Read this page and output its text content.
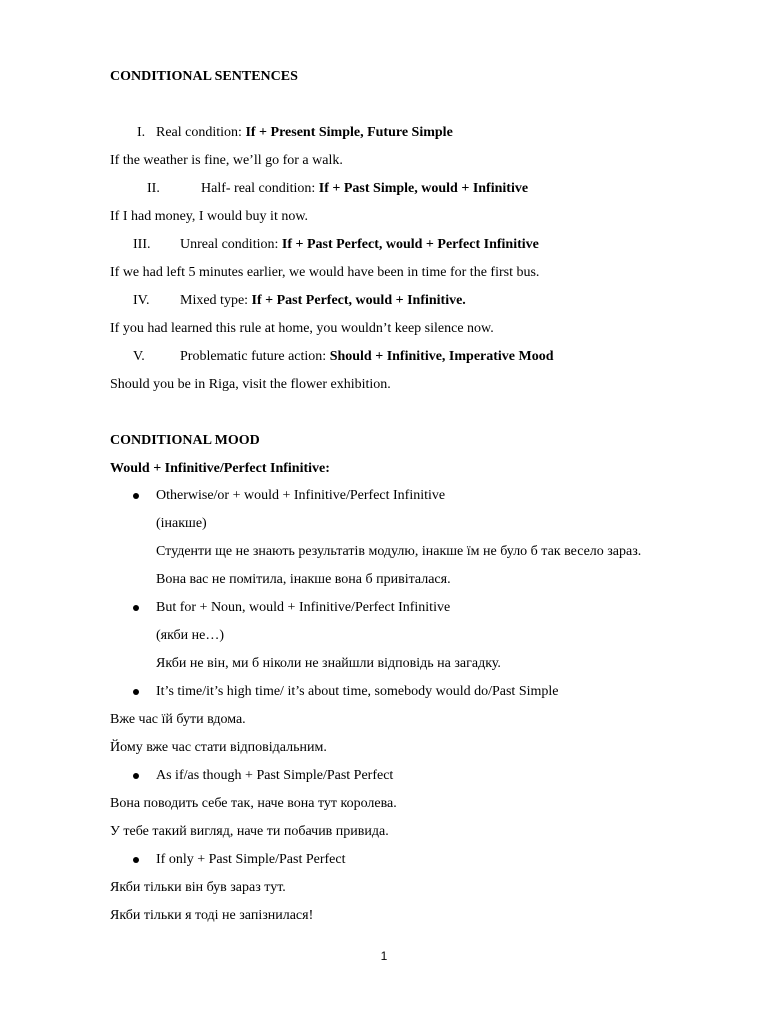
CONDITIONAL SENTENCES
I. Real condition: If + Present Simple, Future Simple
If the weather is fine, we’ll go for a walk.
II.	Half- real condition: If + Past Simple, would + Infinitive
If I had money, I would buy it now.
III. Unreal condition: If + Past Perfect, would + Perfect Infinitive
If we had left 5 minutes earlier, we would have been in time for the first bus.
IV. Mixed type: If + Past Perfect, would + Infinitive.
If you had learned this rule at home, you wouldn’t keep silence now.
V.	Problematic future action: Should + Infinitive, Imperative Mood
Should you be in Riga, visit the flower exhibition.
CONDITIONAL MOOD
Would + Infinitive/Perfect Infinitive:
Otherwise/or + would + Infinitive/Perfect Infinitive
(інакше)
Студенти ще не знають результатів модулю, інакше їм не було б так весело зараз.
Вона вас не помітила, інакше вона б привіталася.
But for + Noun, would + Infinitive/Perfect Infinitive
(якби не…)
Якби не він, ми б ніколи не знайшли відповідь на загадку.
It’s time/it’s high time/ it’s about time, somebody would do/Past Simple
Вже час їй бути вдома.
Йому вже час стати відповідальним.
As if/as though + Past Simple/Past Perfect
Вона поводить себе так, наче вона тут королева.
У тебе такий вигляд, наче ти побачив привида.
If only + Past Simple/Past Perfect
Якби тільки він був зараз тут.
Якби тільки я тоді не запізнилася!
1
